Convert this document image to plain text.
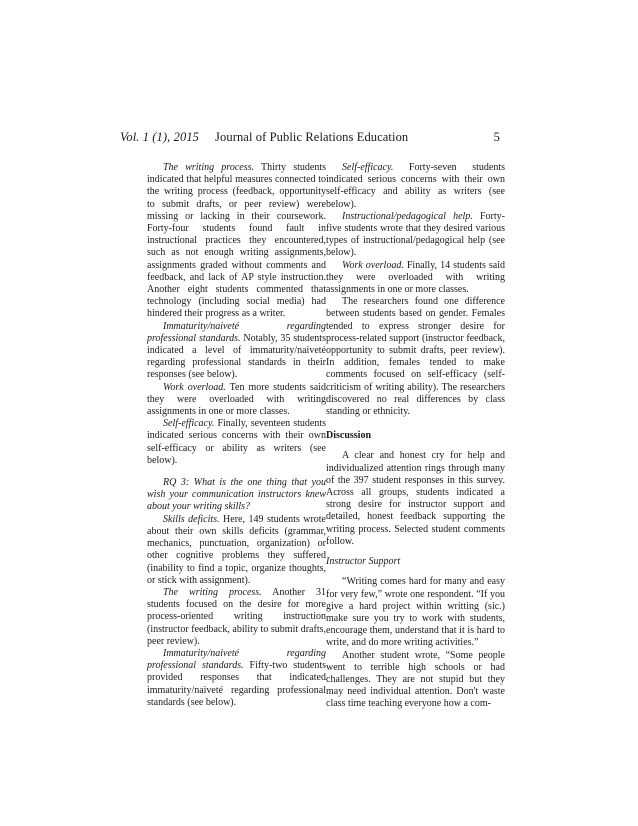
Vol. 1 (1), 2015 Journal of Public Relations Education	5

The writing process. Thirty students indicated that helpful measures connected to the writing process (feedback, opportunity to submit drafts, or peer review) were missing or lacking in their coursework. Forty-four students found fault in instructional practices they encountered, such as not enough writing assignments, assignments graded without comments and feedback, and lack of AP style instruction. Another eight students commented that technology (including social media) had hindered their progress as a writer.

Immaturity/naiveté regarding professional standards. Notably, 35 students indicated a level of immaturity/naiveté regarding professional standards in their responses (see below).

Work overload. Ten more students said they were overloaded with writing assignments in one or more classes.

Self-efficacy. Finally, seventeen students indicated serious concerns with their own self-efficacy or ability as writers (see below).

RQ 3: What is the one thing that you wish your communication instructors knew about your writing skills?

Skills deficits. Here, 149 students wrote about their own skills deficits (grammar, mechanics, punctuation, organization) or other cognitive problems they suffered (inability to find a topic, organize thoughts, or stick with assignment).

The writing process. Another 31 students focused on the desire for more process-oriented writing instruction (instructor feedback, ability to submit drafts, peer review).

Immaturity/naiveté regarding professional standards. Fifty-two students provided responses that indicated immaturity/naiveté regarding professional standards (see below).

Self-efficacy. Forty-seven students indicated serious concerns with their own self-efficacy and ability as writers (see below).

Instructional/pedagogical help. Forty-five students wrote that they desired various types of instructional/pedagogical help (see below).

Work overload. Finally, 14 students said they were overloaded with writing assignments in one or more classes.

The researchers found one difference between students based on gender. Females tended to express stronger desire for process-related support (instructor feedback, opportunity to submit drafts, peer review). In addition, females tended to make comments focused on self-efficacy (self-criticism of writing ability). The researchers discovered no real differences by class standing or ethnicity.

Discussion

A clear and honest cry for help and individualized attention rings through many of the 397 student responses in this survey. Across all groups, students indicated a strong desire for instructor support and detailed, honest feedback supporting the writing process. Selected student comments follow.

Instructor Support

“Writing comes hard for many and easy for very few,” wrote one respondent. “If you give a hard project within writting (sic.) make sure you try to work with students, encourage them, understand that it is hard to write, and do more writing activities.”

Another student wrote, “Some people went to terrible high schools or had challenges. They are not stupid but they may need individual attention. Don't waste class time teaching everyone how a com-
